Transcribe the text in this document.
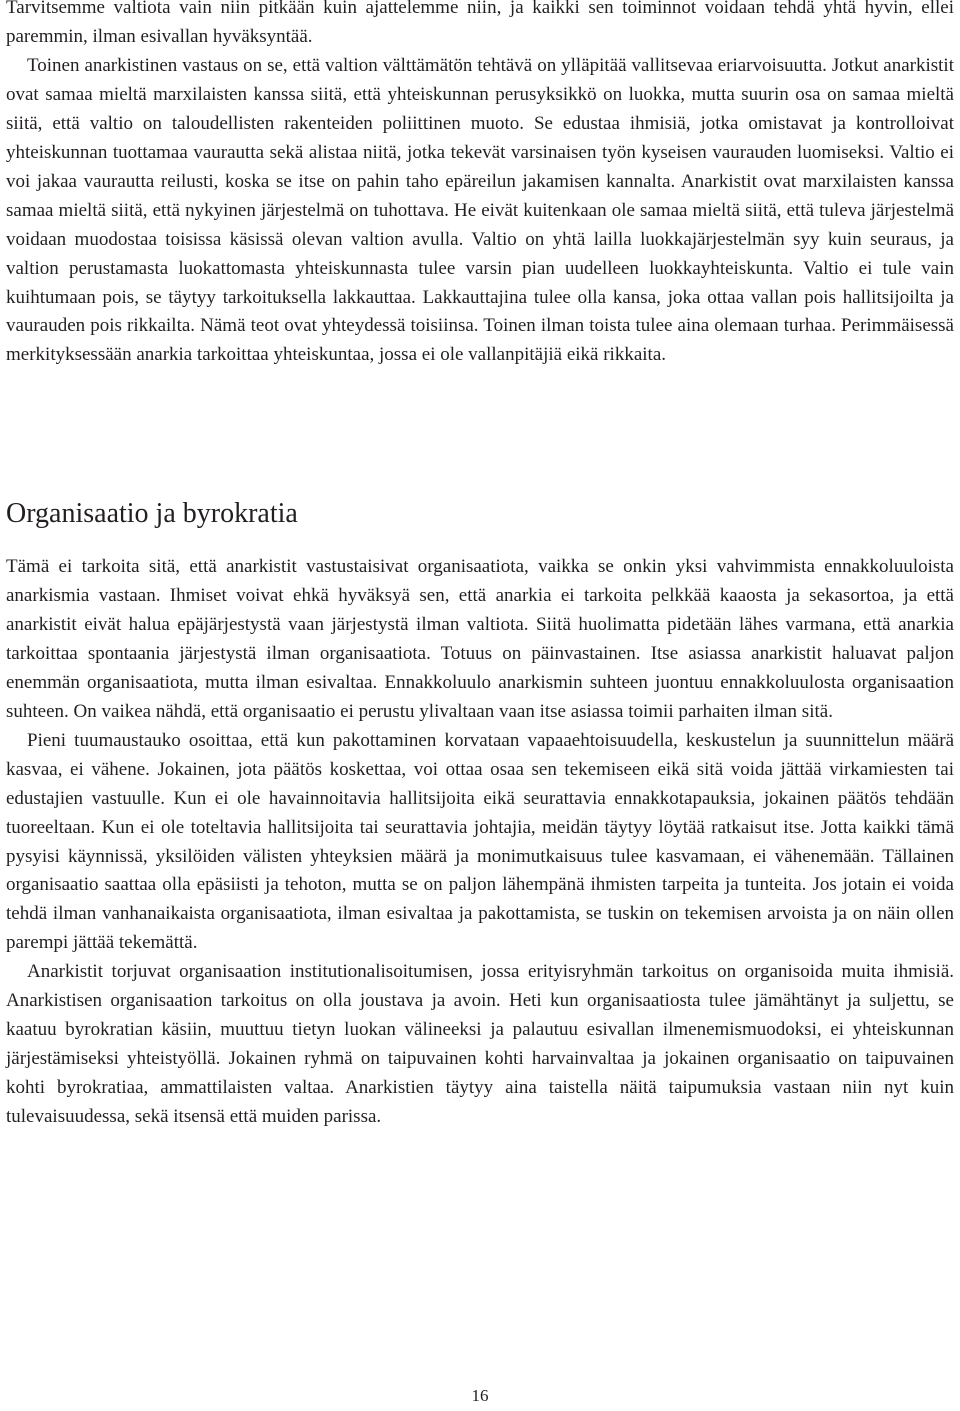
Tarvitsemme valtiota vain niin pitkään kuin ajattelemme niin, ja kaikki sen toiminnot voidaan tehdä yhtä hyvin, ellei paremmin, ilman esivallan hyväksyntää.

Toinen anarkistinen vastaus on se, että valtion välttämätön tehtävä on ylläpitää vallitsevaa eriarvoisuutta. Jotkut anarkistit ovat samaa mieltä marxilaisten kanssa siitä, että yhteiskunnan perusyksikkö on luokka, mutta suurin osa on samaa mieltä siitä, että valtio on taloudellisten rakenteiden poliittinen muoto. Se edustaa ihmisiä, jotka omistavat ja kontrolloivat yhteiskunnan tuottamaa vaurautta sekä alistaa niitä, jotka tekevät varsinaisen työn kyseisen vaurauden luomiseksi. Valtio ei voi jakaa vaurautta reilusti, koska se itse on pahin taho epäreilun jakamisen kannalta. Anarkistit ovat marxilaisten kanssa samaa mieltä siitä, että nykyinen järjestelmä on tuhottava. He eivät kuitenkaan ole samaa mieltä siitä, että tuleva järjestelmä voidaan muodostaa toisissa käsissä olevan valtion avulla. Valtio on yhtä lailla luokkajärjestelmän syy kuin seuraus, ja valtion perustamasta luokattomasta yhteiskunnasta tulee varsin pian uudelleen luokkayhteiskunta. Valtio ei tule vain kuihtumaan pois, se täytyy tarkoituksella lakkauttaa. Lakkauttajina tulee olla kansa, joka ottaa vallan pois hallitsijoilta ja vaurauden pois rikkailta. Nämä teot ovat yhteydessä toisiinsa. Toinen ilman toista tulee aina olemaan turhaa. Perimmäisessä merkityksessään anarkia tarkoittaa yhteiskuntaa, jossa ei ole vallanpitäjiä eikä rikkaita.

Organisaatio ja byrokratia

Tämä ei tarkoita sitä, että anarkistit vastustaisivat organisaatiota, vaikka se onkin yksi vahvimmista ennakkoluuloista anarkismia vastaan. Ihmiset voivat ehkä hyväksyä sen, että anarkia ei tarkoita pelkkää kaaosta ja sekasortoa, ja että anarkistit eivät halua epäjärjestystä vaan järjestystä ilman valtiota. Siitä huolimatta pidetään lähes varmana, että anarkia tarkoittaa spontaania järjestystä ilman organisaatiota. Totuus on päinvastainen. Itse asiassa anarkistit haluavat paljon enemmän organisaatiota, mutta ilman esivaltaa. Ennakkoluulo anarkismin suhteen juontuu ennakkoluulosta organisaation suhteen. On vaikea nähdä, että organisaatio ei perustu ylivaltaan vaan itse asiassa toimii parhaiten ilman sitä.

Pieni tuumaustauko osoittaa, että kun pakottaminen korvataan vapaaehtoisuudella, keskustelun ja suunnittelun määrä kasvaa, ei vähene. Jokainen, jota päätös koskettaa, voi ottaa osaa sen tekemiseen eikä sitä voida jättää virkamiesten tai edustajien vastuulle. Kun ei ole havainnoitavia hallitsijoita eikä seurattavia ennakkotapauksia, jokainen päätös tehdään tuoreeltaan. Kun ei ole toteltavia hallitsijoita tai seurattavia johtajia, meidän täytyy löytää ratkaisut itse. Jotta kaikki tämä pysyisi käynnissä, yksilöiden välisten yhteyksien määrä ja monimutkaisuus tulee kasvamaan, ei vähenemään. Tällainen organisaatio saattaa olla epäsiisti ja tehoton, mutta se on paljon lähempänä ihmisten tarpeita ja tunteita. Jos jotain ei voida tehdä ilman vanhanaikaista organisaatiota, ilman esivaltaa ja pakottamista, se tuskin on tekemisen arvoista ja on näin ollen parempi jättää tekemättä.

Anarkistit torjuvat organisaation institutionalisoitumisen, jossa erityisryhmän tarkoitus on organisoida muita ihmisiä. Anarkistisen organisaation tarkoitus on olla joustava ja avoin. Heti kun organisaatiosta tulee jämähtänyt ja suljettu, se kaatuu byrokratian käsiin, muuttuu tietyn luokan välineeksi ja palautuu esivallan ilmenemismuodoksi, ei yhteiskunnan järjestämiseksi yhteistyöllä. Jokainen ryhmä on taipuvainen kohti harvainvaltaa ja jokainen organisaatio on taipuvainen kohti byrokratiaa, ammattilaisten valtaa. Anarkistien täytyy aina taistella näitä taipumuksia vastaan niin nyt kuin tulevaisuudessa, sekä itsensä että muiden parissa.

16
